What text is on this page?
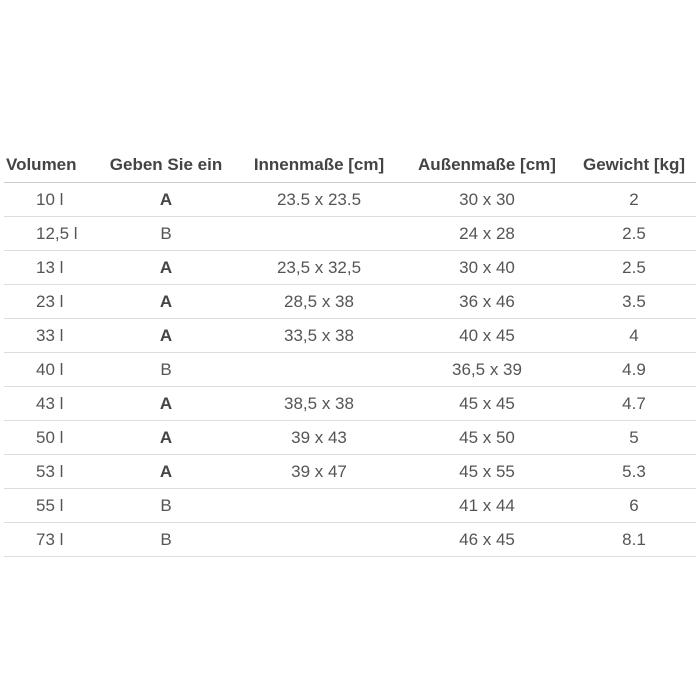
Volumen	Geben Sie ein	Innenmaße [cm]	Außenmaße [cm]	Gewicht [kg]
10 l	A	23.5 x 23.5	30 x 30	2
12,5 l	B		24 x 28	2.5
13 l	A	23,5 x 32,5	30 x 40	2.5
23 l	A	28,5 x 38	36 x 46	3.5
33 l	A	33,5 x 38	40 x 45	4
40 l	B		36,5 x 39	4.9
43 l	A	38,5 x 38	45 x 45	4.7
50 l	A	39 x 43	45 x 50	5
53 l	A	39 x 47	45 x 55	5.3
55 l	B		41 x 44	6
73 l	B		46 x 45	8.1
